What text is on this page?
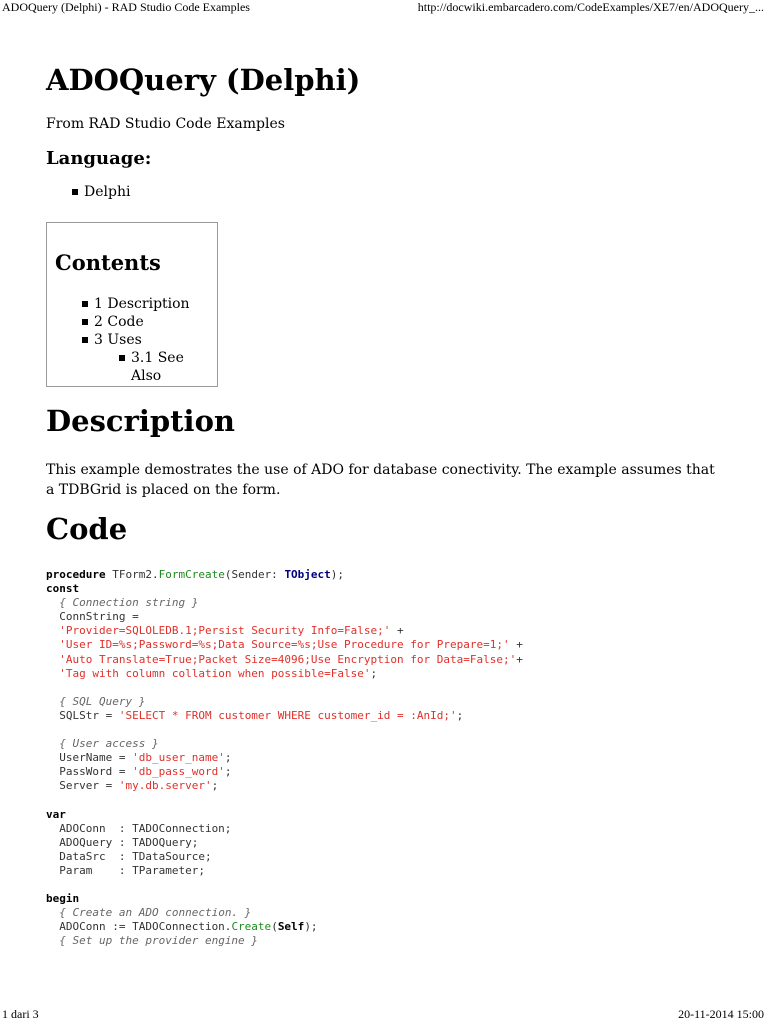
ADOQuery (Delphi) - RAD Studio Code Examples	http://docwiki.embarcadero.com/CodeExamples/XE7/en/ADOQuery_...
ADOQuery (Delphi)
From RAD Studio Code Examples
Language:
Delphi
Contents
1 Description
2 Code
3 Uses
3.1 See Also
Description
This example demostrates the use of ADO for database conectivity. The example assumes that a TDBGrid is placed on the form.
Code
procedure TForm2.FormCreate(Sender: TObject);
const
{ Connection string }
ConnString =
'Provider=SQLOLEDB.1;Persist Security Info=False;' +
'User ID=%s;Password=%s;Data Source=%s;Use Procedure for Prepare=1;' +
'Auto Translate=True;Packet Size=4096;Use Encryption for Data=False;'+
'Tag with column collation when possible=False';

{ SQL Query }
SQLStr = 'SELECT * FROM customer WHERE customer_id = :AnId;';

{ User access }
UserName = 'db_user_name';
PassWord = 'db_pass_word';
Server = 'my.db.server';

var
ADOConn  : TADOConnection;
ADOQuery : TADOQuery;
DataSrc  : TDataSource;
Param    : TParameter;

begin
{ Create an ADO connection. }
ADOConn := TADOConnection.Create(Self);
{ Set up the provider engine }
1 dari 3	20-11-2014 15:00
